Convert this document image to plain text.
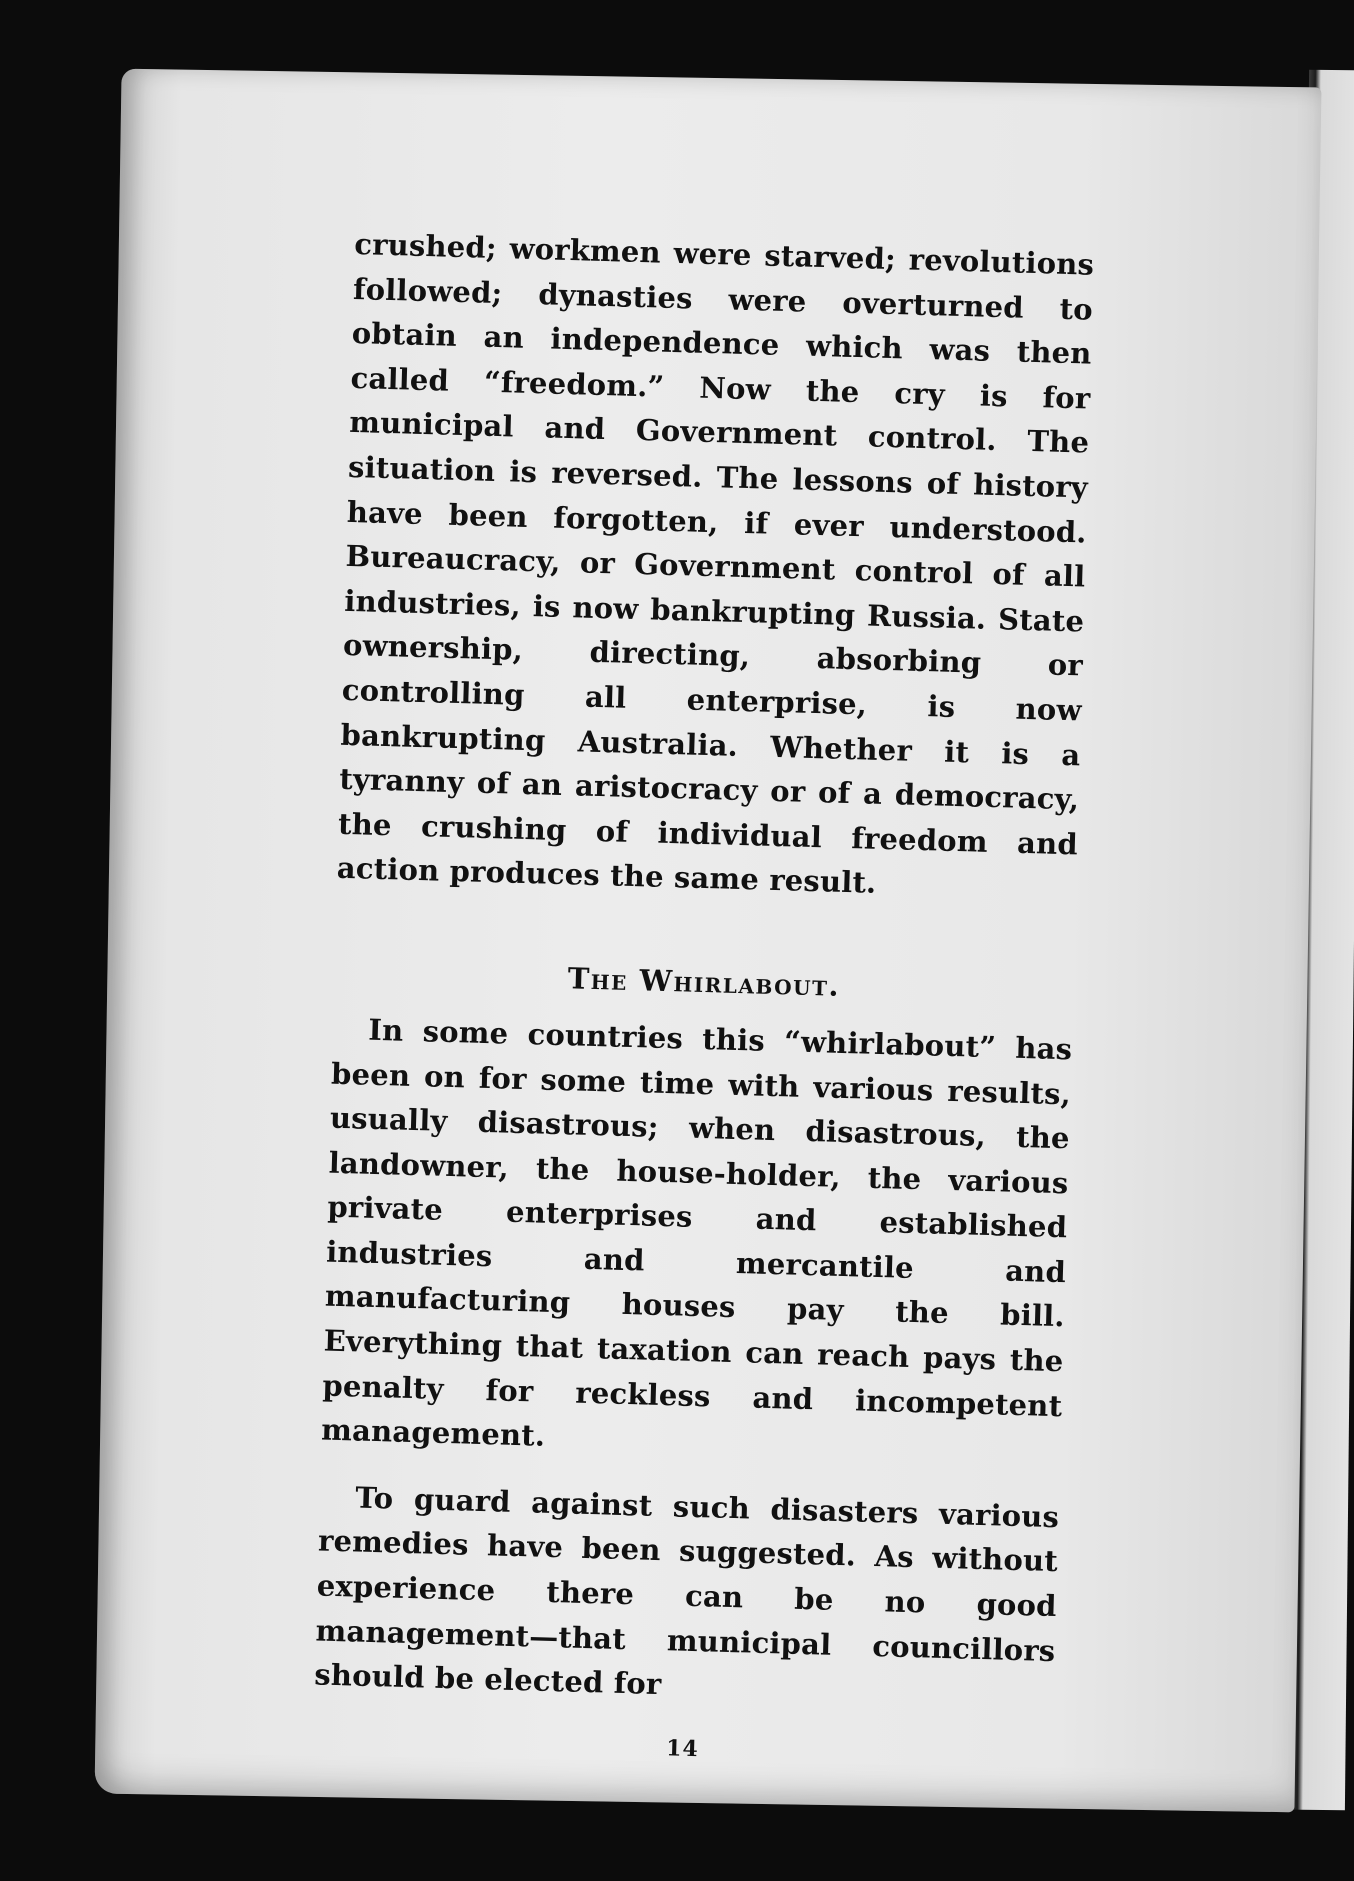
crushed; workmen were starved; revolutions followed; dynasties were overturned to obtain an independence which was then called “freedom.” Now the cry is for municipal and Government control. The situation is reversed. The lessons of history have been forgotten, if ever understood. Bureaucracy, or Government control of all industries, is now bankrupting Russia. State ownership, directing, absorbing or controlling all enterprise, is now bankrupting Australia. Whether it is a tyranny of an aristocracy or of a democracy, the crushing of individual freedom and action produces the same result.

The Whirlabout.

In some countries this “whirlabout” has been on for some time with various results, usually disastrous; when disastrous, the landowner, the house-holder, the various private enterprises and established industries and mercantile and manufacturing houses pay the bill. Everything that taxation can reach pays the penalty for reckless and incompetent management.

To guard against such disasters various remedies have been suggested. As without experience there can be no good management—that municipal councillors should be elected for

14
